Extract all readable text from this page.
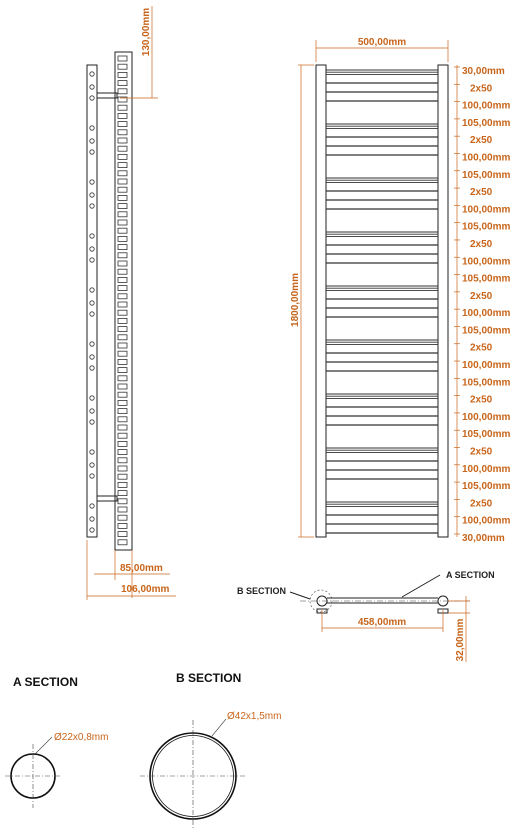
130,00mm
85,00mm
106,00mm
500,00mm
1800,00mm
30,00mm
2x50
100,00mm
105,00mm
2x50
100,00mm
105,00mm
2x50
100,00mm
105,00mm
2x50
100,00mm
105,00mm
2x50
100,00mm
105,00mm
2x50
100,00mm
105,00mm
2x50
100,00mm
105,00mm
2x50
100,00mm
105,00mm
2x50
100,00mm
30,00mm
B SECTION
A SECTION
458,00mm	32,00mm
A SECTION
Ø22x0,8mm
B SECTION
Ø42x1,5mm
